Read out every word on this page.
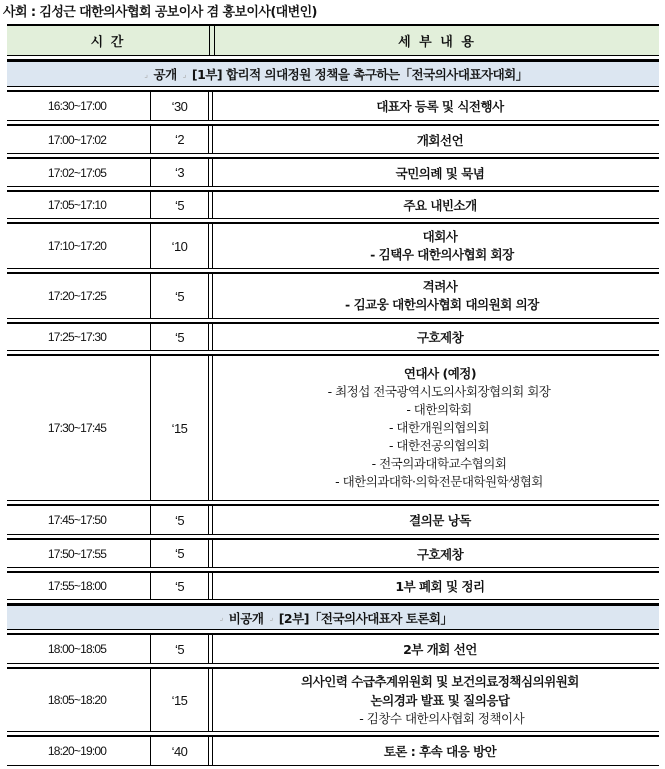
사회 : 김성근 대한의사협회 공보이사 겸 홍보이사(대변인)
시 간	세 부 내 용
⌟ 공개 ⌟ [1부] 합리적 의대정원 정책을 촉구하는「전국의사대표자대회」
16:30~17:00	‘30	대표자 등록 및 식전행사
17:00~17:02	‘2	개회선언
17:02~17:05	‘3	국민의례 및 묵념
17:05~17:10	‘5	주요 내빈소개
17:10~17:20	‘10
대회사
- 김택우 대한의사협회 회장
17:20~17:25	‘5
격려사
- 김교웅 대한의사협회 대의원회 의장
17:25~17:30	‘5	구호제창
17:30~17:45	‘15
연대사 (예정)
- 최정섭 전국광역시도의사회장협의회 회장
- 대한의학회
- 대한개원의협의회
- 대한전공의협의회
- 전국의과대학교수협의회
- 대한의과대학·의학전문대학원학생협회
17:45~17:50	‘5	결의문 낭독
17:50~17:55	‘5	구호제창
17:55~18:00	‘5	1부 폐회 및 정리
⌟ 비공개 ⌟ [2부]「전국의사대표자 토론회」
18:00~18:05	‘5	2부 개회 선언
18:05~18:20	‘15
의사인력 수급추계위원회 및 보건의료정책심의위원회
논의경과 발표 및 질의응답
- 김창수 대한의사협회 정책이사
18:20~19:00	‘40	토론 : 후속 대응 방안
